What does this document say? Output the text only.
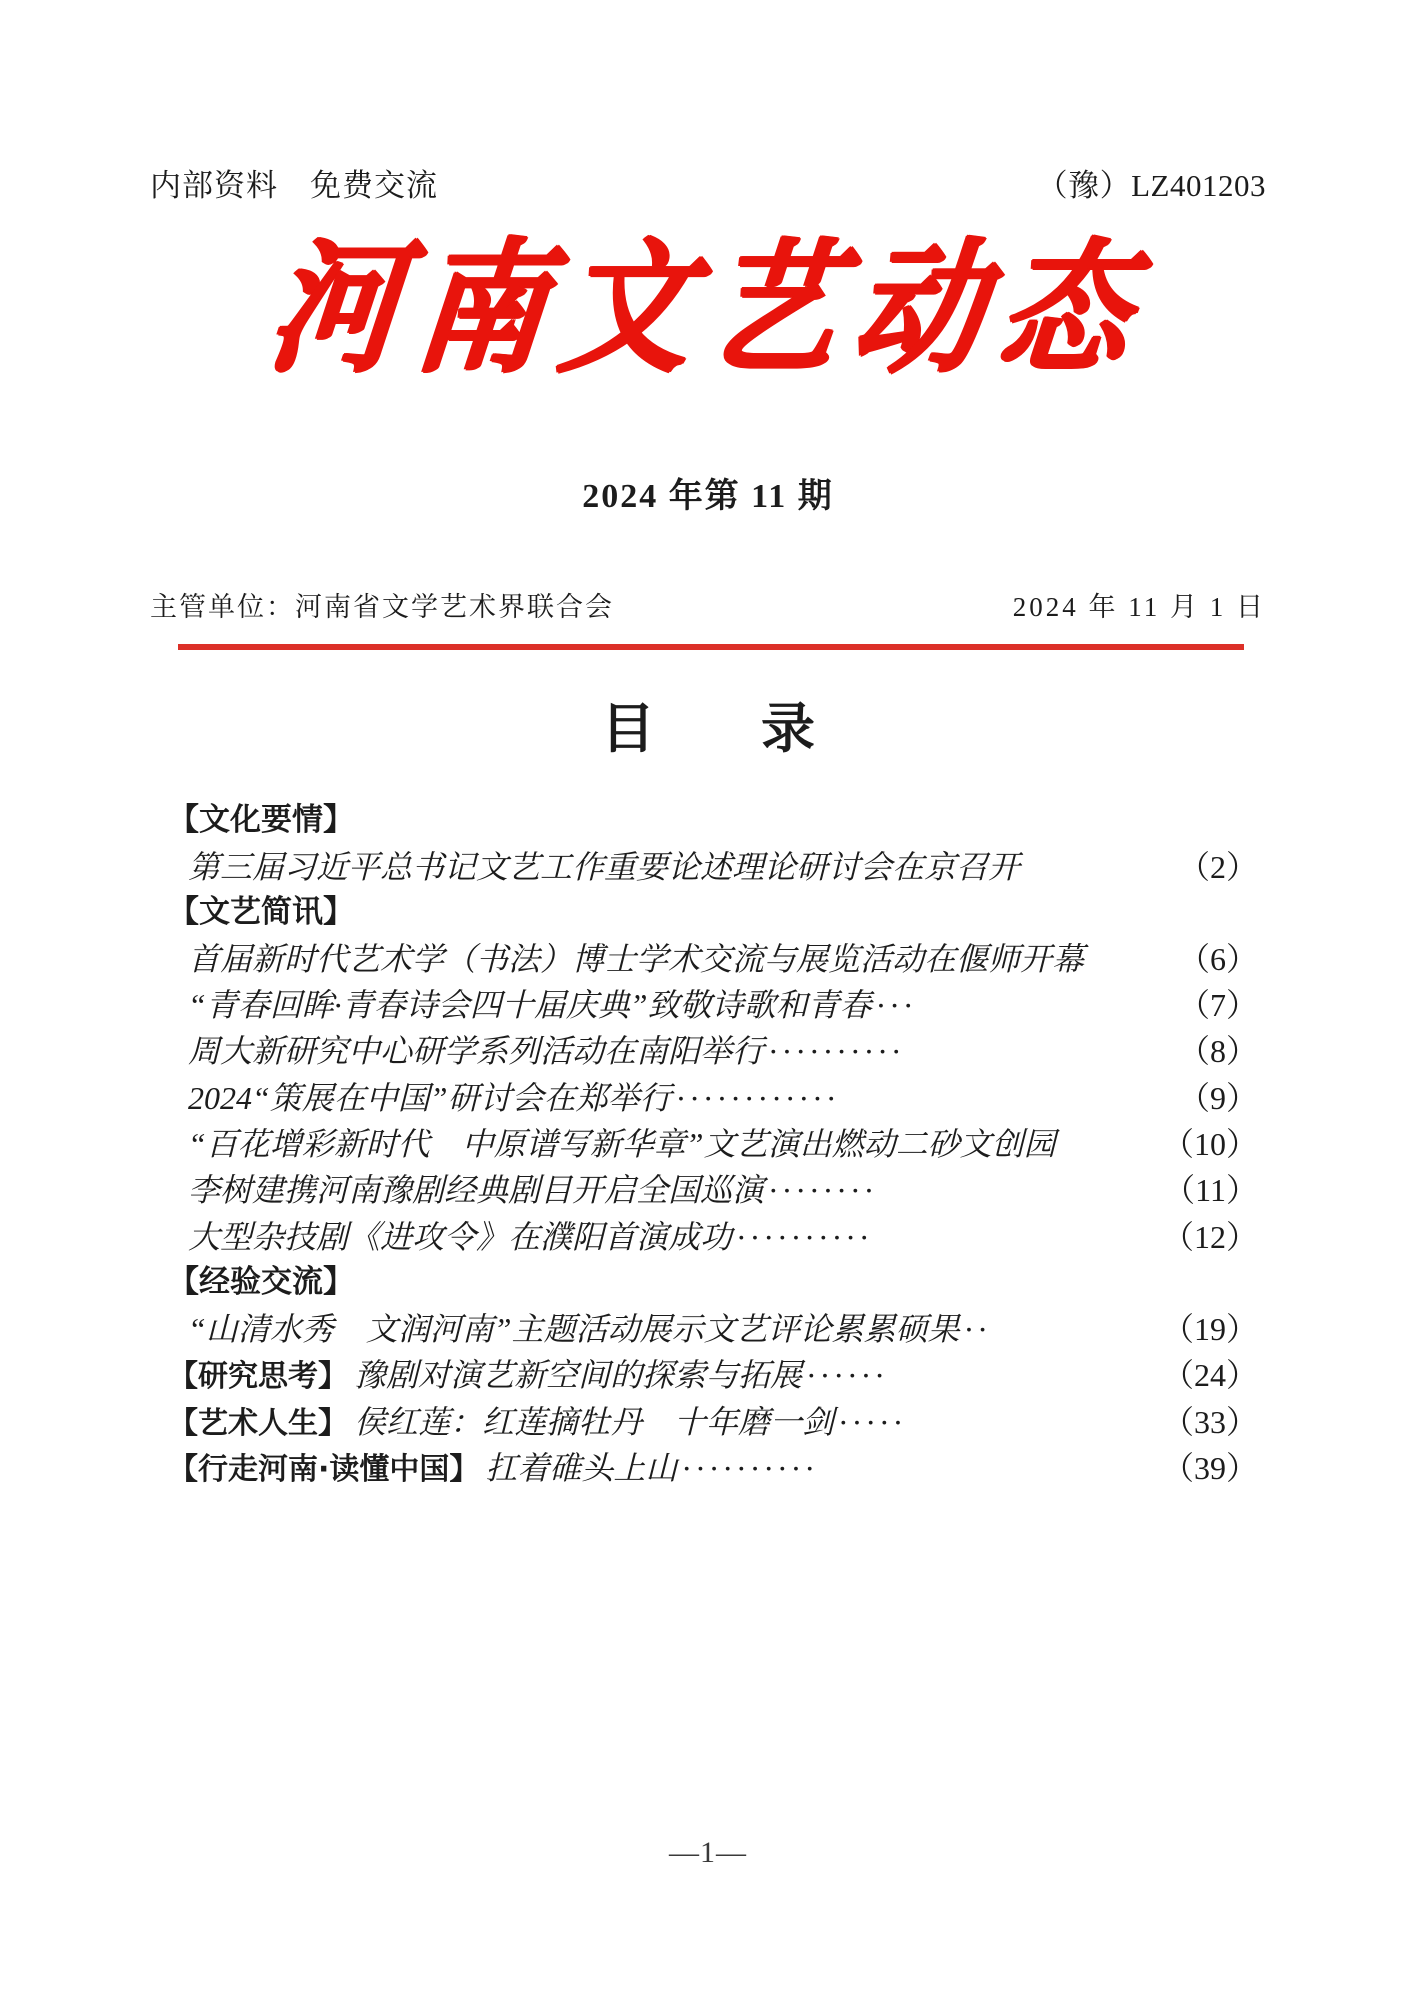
内部资料　免费交流	（豫）LZ401203
河南文艺动态
2024 年第 11 期
主管单位：河南省文学艺术界联合会	2024 年 11 月 1 日
目　录
【文化要情】
第三届习近平总书记文艺工作重要论述理论研讨会在京召开	（2）
【文艺简讯】
首届新时代艺术学（书法）博士学术交流与展览活动在偃师开幕	（6）
“青春回眸·青春诗会四十届庆典”致敬诗歌和青春 ···	（7）
周大新研究中心研学系列活动在南阳举行 ··········	（8）
2024“策展在中国”研讨会在郑举行 ············	（9）
“百花增彩新时代　中原谱写新华章”文艺演出燃动二砂文创园	（10）
李树建携河南豫剧经典剧目开启全国巡演 ········	（11）
大型杂技剧《进攻令》在濮阳首演成功 ··········	（12）
【经验交流】
“山清水秀　文润河南”主题活动展示文艺评论累累硕果 ··	（19）
【研究思考】 豫剧对演艺新空间的探索与拓展 ······	（24）
【艺术人生】 侯红莲：红莲摘牡丹　十年磨一剑 ·····	（33）
【行走河南·读懂中国】 扛着碓头上山 ··········	（39）
—1—
